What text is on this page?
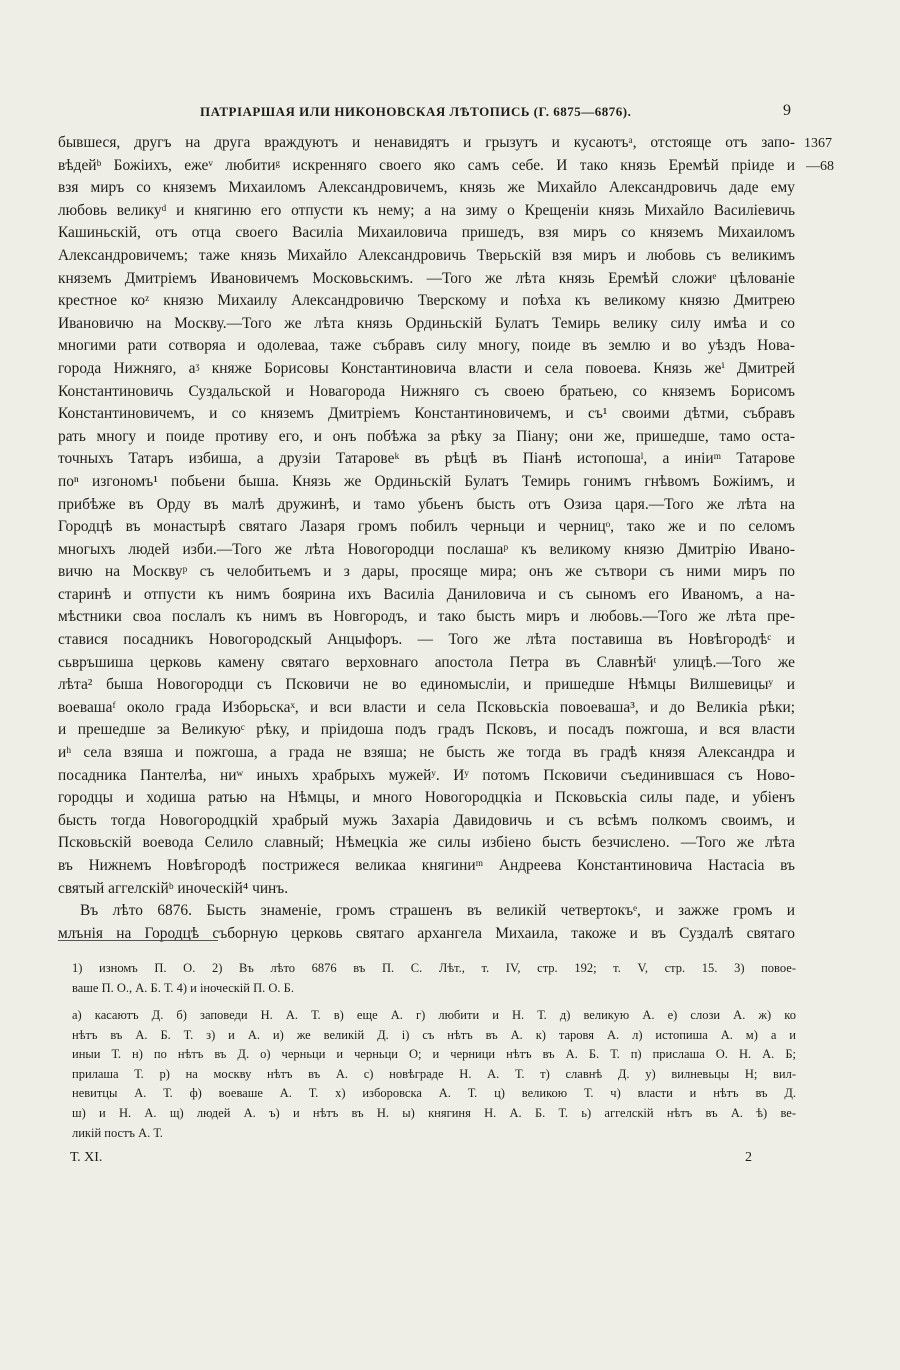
ПАТРІАРШАЯ ИЛИ НИКОНОВСКАЯ ЛѢТОПИСЬ (Г. 6875—6876).	9
1367
—68
бывшеся, другъ на друга враждуютъ и ненавидятъ и грызутъ и кусаютъᵃ, отстояще отъ запо-
вѣдейᵇ Божіихъ, ежеᵛ любитиᵍ искренняго своего яко самъ себе. И тако князь Еремѣй пріиде и
взя миръ со княземъ Михаиломъ Александровичемъ, князь же Михайло Александровичь даде ему
любовь великуᵈ и княгиню его отпусти къ нему; а на зиму о Крещеніи князь Михайло Василіевичь
Кашиньскій, отъ отца своего Василіа Михаиловича пришедъ, взя миръ со княземъ Михаиломъ
Александровичемъ; таже князь Михайло Александровичь Тверьскій взя миръ и любовь съ великимъ
княземъ Дмитріемъ Ивановичемъ Московьскимъ. —Того же лѣта князь Еремѣй сложиᵉ цѣлованіе
крестное коᶻ князю Михаилу Александровичю Тверскому и поѣха къ великому князю Дмитрею
Ивановичю на Москву.—Того же лѣта князь Ординьскій Булатъ Темирь велику силу имѣа и со
многими рати сотворяа и одолеваа, таже събравъ силу многу, поиде въ землю и во уѣздъ Нова-
города Нижняго, аᶾ княже Борисовы Константиновича власти и села повоева. Князь жеⁱ Дмитрей
Константиновичь Суздальской и Новагорода Нижняго съ своею братьею, со княземъ Борисомъ
Константиновичемъ, и со княземъ Дмитріемъ Константиновичемъ, и съ¹ своими дѣтми, събравъ
рать многу и поиде противу его, и онъ побѣжа за рѣку за Піану; они же, пришедше, тамо оста-
точныхъ Татаръ избиша, а друзіи Татаровеᵏ въ рѣцѣ въ Піанѣ истопошаˡ, а иніиᵐ Татарове
поⁿ изгономъ¹ побьени быша. Князь же Ординьскій Булатъ Темирь гонимъ гнѣвомъ Божіимъ, и
прибѣже въ Орду въ малѣ дружинѣ, и тамо убьенъ бысть отъ Озиза царя.—Того же лѣта на
Городцѣ въ монастырѣ святаго Лазаря громъ побилъ черньци и черницᵒ, тако же и по селомъ
многыхъ людей изби.—Того же лѣта Новогородци послашаᵖ къ великому князю Дмитрію Ивано-
вичю на Москвуᵖ съ челобитьемъ и з дары, просяще мира; онъ же сътвори съ ними миръ по
старинѣ и отпусти къ нимъ боярина ихъ Василіа Даниловича и съ сыномъ его Иваномъ, а на-
мѣстники своа послалъ къ нимъ въ Новгородъ, и тако бысть миръ и любовь.—Того же лѣта пре-
ставися посадникъ Новогородскый Анцыфоръ. — Того же лѣта поставиша въ Новѣгородѣᶜ и
сьвръшиша церковь камену святаго верховнаго апостола Петра въ Славнѣйᵗ улицѣ.—Того же
лѣта² быша Новогородци съ Псковичи не во единомысліи, и пришедше Нѣмцы Вилшевицыʸ и
воевашаᶠ около града Изборьскаˣ, и вси власти и села Псковьскіа повоеваша³, и до Великіа рѣки;
и прешедше за Великуюᶜ рѣку, и пріидоша подъ градъ Псковъ, и посадъ пожгоша, и вся власти
иʰ села взяша и пожгоша, а града не взяша; не бысть же тогда въ градѣ князя Александра и
посадника Пантелѣа, ниʷ иныхъ храбрыхъ мужейʸ. Иʸ потомъ Псковичи съединившася съ Ново-
городцы и ходиша ратью на Нѣмцы, и много Новогородцкіа и Псковьскіа силы паде, и убіенъ
бысть тогда Новогородцкій храбрый мужь Захаріа Давидовичь и съ всѣмъ полкомъ своимъ, и
Псковьскій воевода Селило славный; Нѣмецкіа же силы избіено бысть безчислено. —Того же лѣта
въ Нижнемъ Новѣгородѣ пострижеся великаа княгиниᵐ Андреева Константиновича Настасіа въ
святый аггелскійᵇ иноческій⁴ чинъ.
Въ лѣто 6876. Бысть знаменіе, громъ страшенъ въ великій четвертокъᵉ, и зажже громъ и
млънія на Городцѣ съборную церковь святаго архангела Михаила, такоже и въ Суздалѣ святаго
1) изномъ П. О. 2) Въ лѣто 6876 въ П. С. Лѣт., т. IV, стр. 192; т. V, стр. 15. 3) повое-
ваше П. О., А. Б. Т. 4) и іноческій П. О. Б.
а) касаютъ Д. б) заповеди Н. А. Т. в) еще А. г) любити и Н. Т. д) великую А. е) слози А. ж) ко
нѣтъ въ А. Б. Т. з) и А. и) же великій Д. і) съ нѣтъ въ А. к) таровя А. л) истопиша А. м) а и
иныи Т. н) по нѣтъ въ Д. о) черньци и черньци О; и черници нѣтъ въ А. Б. Т. п) прислаша О. Н. А. Б;
прилаша Т. р) на москву нѣтъ въ А. с) новѣграде Н. А. Т. т) славнѣ Д. у) вилневьцы Н; вил-
невитцы А. Т. ф) воеваше А. Т. х) изборовска А. Т. ц) великою Т. ч) власти и нѣтъ въ Д.
ш) и Н. А. щ) людей А. ъ) и нѣтъ въ Н. ы) княгиня Н. А. Б. Т. ь) аггелскій нѣтъ въ А. ѣ) ве-
ликій постъ А. Т.
Т. XI.	2
